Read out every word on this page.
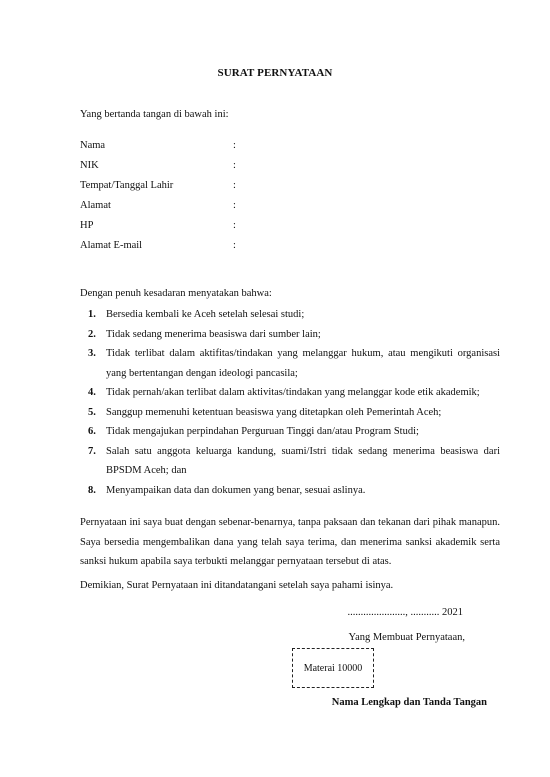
SURAT PERNYATAAN
Yang bertanda tangan di bawah ini:
Nama	:
NIK	:
Tempat/Tanggal Lahir	:
Alamat	:
HP	:
Alamat E-mail	:
Dengan penuh kesadaran menyatakan bahwa:
1. Bersedia kembali ke Aceh setelah selesai studi;
2. Tidak sedang menerima beasiswa dari sumber lain;
3. Tidak terlibat dalam aktifitas/tindakan yang melanggar hukum, atau mengikuti organisasi yang bertentangan dengan ideologi pancasila;
4. Tidak pernah/akan terlibat dalam aktivitas/tindakan yang melanggar kode etik akademik;
5. Sanggup memenuhi ketentuan beasiswa yang ditetapkan oleh Pemerintah Aceh;
6. Tidak mengajukan perpindahan Perguruan Tinggi dan/atau Program Studi;
7. Salah satu anggota keluarga kandung, suami/Istri tidak sedang menerima beasiswa dari BPSDM Aceh; dan
8. Menyampaikan data dan dokumen yang benar, sesuai aslinya.
Pernyataan ini saya buat dengan sebenar-benarnya, tanpa paksaan dan tekanan dari pihak manapun. Saya bersedia mengembalikan dana yang telah saya terima, dan menerima sanksi akademik serta sanksi hukum apabila saya terbukti melanggar pernyataan tersebut di atas.
Demikian, Surat Pernyataan ini ditandatangani setelah saya pahami isinya.
......................, ........... 2021
Yang Membuat Pernyataan,
Materai 10000
Nama Lengkap dan Tanda Tangan
